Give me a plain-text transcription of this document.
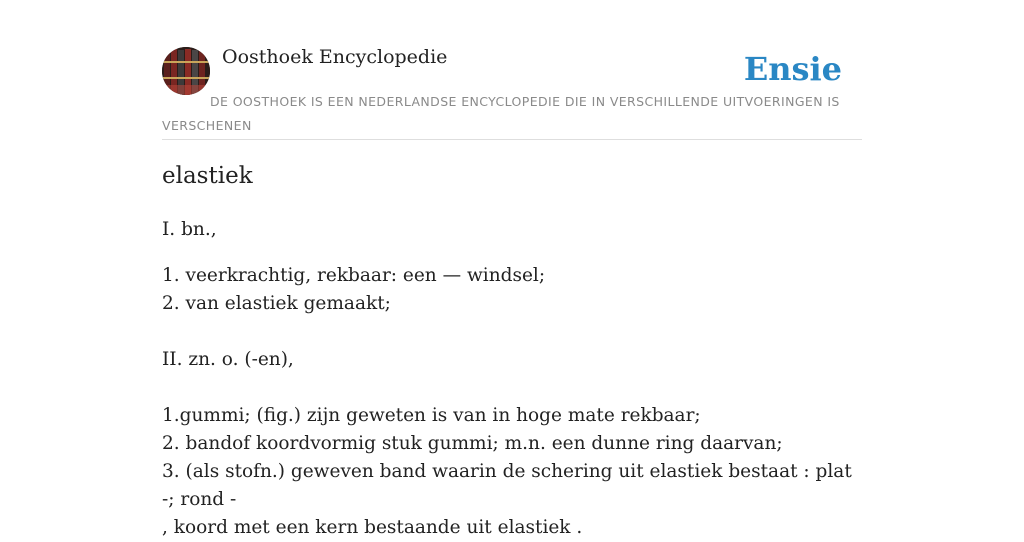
Oosthoek Encyclopedie	Ensie
DE OOSTHOEK IS EEN NEDERLANDSE ENCYCLOPEDIE DIE IN VERSCHILLENDE UITVOERINGEN IS VERSCHENEN
elastiek

I. bn.,

1. veerkrachtig, rekbaar: een — windsel;

2. van elastiek gemaakt;

II. zn. o. (-en),

1.gummi; (fig.) zijn geweten is van in hoge mate rekbaar;

2. bandof koordvormig stuk gummi; m.n. een dunne ring daarvan;

3. (als stofn.) geweven band waarin de schering uit elastiek bestaat : plat -; rond -

, koord met een kern bestaande uit elastiek .
